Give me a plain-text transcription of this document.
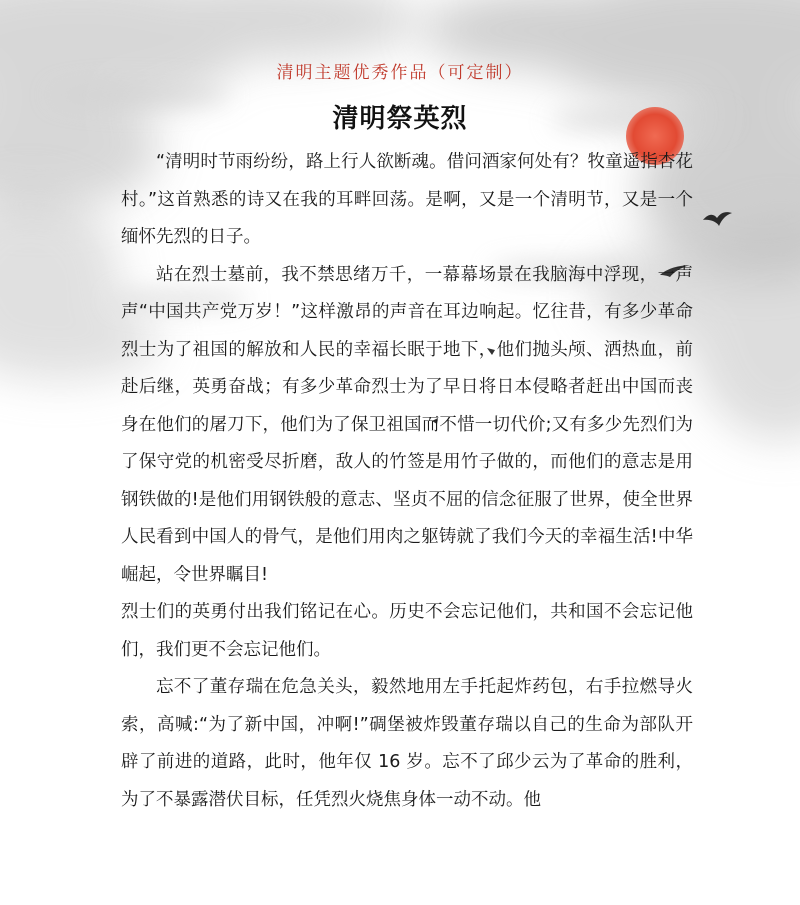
清明主题优秀作品（可定制）
清明祭英烈

“清明时节雨纷纷，路上行人欲断魂。借问酒家何处有？牧童遥指杏花村。”这首熟悉的诗又在我的耳畔回荡。是啊，又是一个清明节，又是一个缅怀先烈的日子。

站在烈士墓前，我不禁思绪万千，一幕幕场景在我脑海中浮现，一声声“中国共产党万岁！”这样激昂的声音在耳边响起。忆往昔，有多少革命烈士为了祖国的解放和人民的幸福长眠于地下，他们抛头颅、洒热血，前赴后继，英勇奋战；有多少革命烈士为了早日将日本侵略者赶出中国而丧身在他们的屠刀下，他们为了保卫祖国而不惜一切代价;又有多少先烈们为了保守党的机密受尽折磨，敌人的竹签是用竹子做的，而他们的意志是用钢铁做的!是他们用钢铁般的意志、坚贞不屈的信念征服了世界，使全世界人民看到中国人的骨气，是他们用肉之躯铸就了我们今天的幸福生活!中华崛起，令世界瞩目!

烈士们的英勇付出我们铭记在心。历史不会忘记他们，共和国不会忘记他们，我们更不会忘记他们。

忘不了董存瑞在危急关头，毅然地用左手托起炸药包，右手拉燃导火索，高喊:“为了新中国，冲啊!”碉堡被炸毁董存瑞以自己的生命为部队开辟了前进的道路，此时，他年仅 16 岁。忘不了邱少云为了革命的胜利，为了不暴露潜伏目标，任凭烈火烧焦身体一动不动。他
